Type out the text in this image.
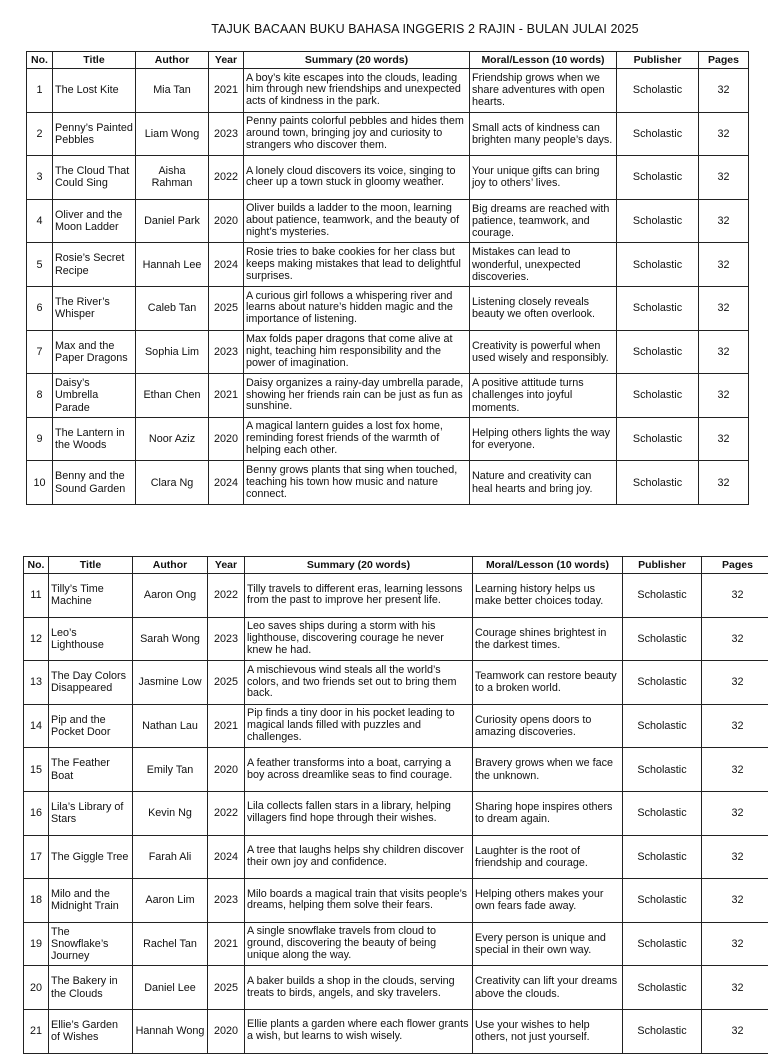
TAJUK BACAAN BUKU BAHASA INGGERIS 2 RAJIN - BULAN JULAI 2025
No.	Title	Author	Year	Summary (20 words)	Moral/Lesson (10 words)	Publisher	Pages
1	The Lost Kite	Mia Tan	2021	A boy’s kite escapes into the clouds, leading him through new friendships and unexpected acts of kindness in the park.	Friendship grows when we share adventures with open hearts.	Scholastic	32
2	Penny’s Painted Pebbles	Liam Wong	2023	Penny paints colorful pebbles and hides them around town, bringing joy and curiosity to strangers who discover them.	Small acts of kindness can brighten many people’s days.	Scholastic	32
3	The Cloud That Could Sing	Aisha Rahman	2022	A lonely cloud discovers its voice, singing to cheer up a town stuck in gloomy weather.	Your unique gifts can bring joy to others’ lives.	Scholastic	32
4	Oliver and the Moon Ladder	Daniel Park	2020	Oliver builds a ladder to the moon, learning about patience, teamwork, and the beauty of night’s mysteries.	Big dreams are reached with patience, teamwork, and courage.	Scholastic	32
5	Rosie’s Secret Recipe	Hannah Lee	2024	Rosie tries to bake cookies for her class but keeps making mistakes that lead to delightful surprises.	Mistakes can lead to wonderful, unexpected discoveries.	Scholastic	32
6	The River’s Whisper	Caleb Tan	2025	A curious girl follows a whispering river and learns about nature’s hidden magic and the importance of listening.	Listening closely reveals beauty we often overlook.	Scholastic	32
7	Max and the Paper Dragons	Sophia Lim	2023	Max folds paper dragons that come alive at night, teaching him responsibility and the power of imagination.	Creativity is powerful when used wisely and responsibly.	Scholastic	32
8	Daisy’s Umbrella Parade	Ethan Chen	2021	Daisy organizes a rainy-day umbrella parade, showing her friends rain can be just as fun as sunshine.	A positive attitude turns challenges into joyful moments.	Scholastic	32
9	The Lantern in the Woods	Noor Aziz	2020	A magical lantern guides a lost fox home, reminding forest friends of the warmth of helping each other.	Helping others lights the way for everyone.	Scholastic	32
10	Benny and the Sound Garden	Clara Ng	2024	Benny grows plants that sing when touched, teaching his town how music and nature connect.	Nature and creativity can heal hearts and bring joy.	Scholastic	32
No.	Title	Author	Year	Summary (20 words)	Moral/Lesson (10 words)	Publisher	Pages
11	Tilly’s Time Machine	Aaron Ong	2022	Tilly travels to different eras, learning lessons from the past to improve her present life.	Learning history helps us make better choices today.	Scholastic	32
12	Leo’s Lighthouse	Sarah Wong	2023	Leo saves ships during a storm with his lighthouse, discovering courage he never knew he had.	Courage shines brightest in the darkest times.	Scholastic	32
13	The Day Colors Disappeared	Jasmine Low	2025	A mischievous wind steals all the world’s colors, and two friends set out to bring them back.	Teamwork can restore beauty to a broken world.	Scholastic	32
14	Pip and the Pocket Door	Nathan Lau	2021	Pip finds a tiny door in his pocket leading to magical lands filled with puzzles and challenges.	Curiosity opens doors to amazing discoveries.	Scholastic	32
15	The Feather Boat	Emily Tan	2020	A feather transforms into a boat, carrying a boy across dreamlike seas to find courage.	Bravery grows when we face the unknown.	Scholastic	32
16	Lila’s Library of Stars	Kevin Ng	2022	Lila collects fallen stars in a library, helping villagers find hope through their wishes.	Sharing hope inspires others to dream again.	Scholastic	32
17	The Giggle Tree	Farah Ali	2024	A tree that laughs helps shy children discover their own joy and confidence.	Laughter is the root of friendship and courage.	Scholastic	32
18	Milo and the Midnight Train	Aaron Lim	2023	Milo boards a magical train that visits people’s dreams, helping them solve their fears.	Helping others makes your own fears fade away.	Scholastic	32
19	The Snowflake’s Journey	Rachel Tan	2021	A single snowflake travels from cloud to ground, discovering the beauty of being unique along the way.	Every person is unique and special in their own way.	Scholastic	32
20	The Bakery in the Clouds	Daniel Lee	2025	A baker builds a shop in the clouds, serving treats to birds, angels, and sky travelers.	Creativity can lift your dreams above the clouds.	Scholastic	32
21	Ellie’s Garden of Wishes	Hannah Wong	2020	Ellie plants a garden where each flower grants a wish, but learns to wish wisely.	Use your wishes to help others, not just yourself.	Scholastic	32
